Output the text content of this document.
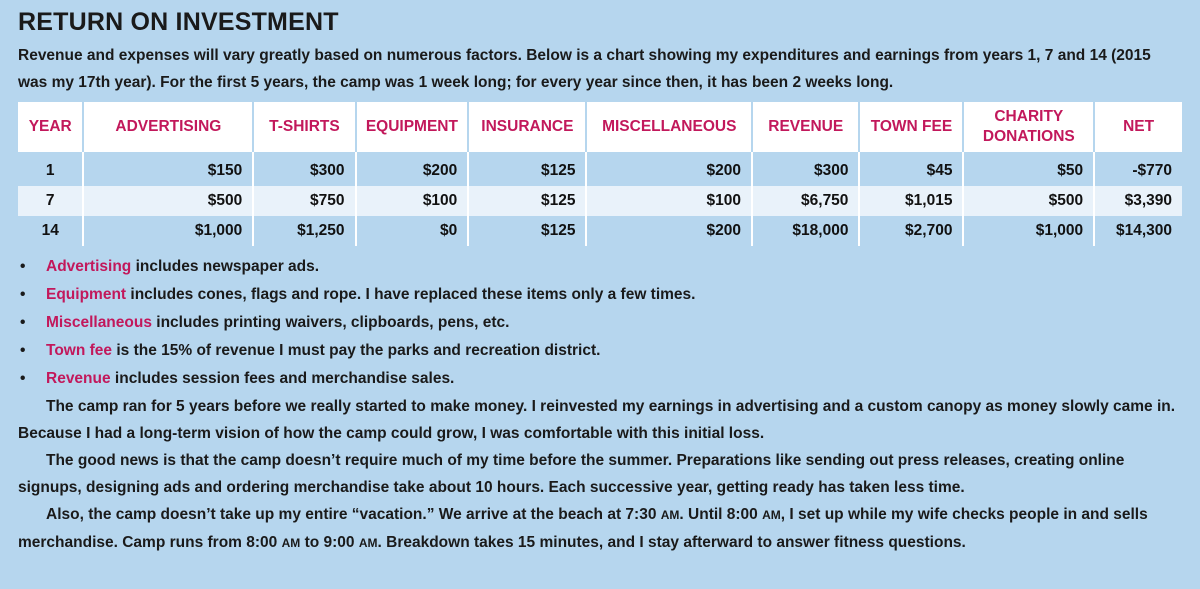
RETURN ON INVESTMENT

Revenue and expenses will vary greatly based on numerous factors. Below is a chart showing my expenditures and earnings from years 1, 7 and 14 (2015 was my 17th year). For the first 5 years, the camp was 1 week long; for every year since then, it has been 2 weeks long.

YEAR	ADVERTISING	T-SHIRTS	EQUIPMENT	INSURANCE	MISCELLANEOUS	REVENUE	TOWN FEE	CHARITY DONATIONS	NET
1	$150	$300	$200	$125	$200	$300	$45	$50	-$770
7	$500	$750	$100	$125	$100	$6,750	$1,015	$500	$3,390
14	$1,000	$1,250	$0	$125	$200	$18,000	$2,700	$1,000	$14,300
• Advertising includes newspaper ads.
• Equipment includes cones, flags and rope. I have replaced these items only a few times.
• Miscellaneous includes printing waivers, clipboards, pens, etc.
• Town fee is the 15% of revenue I must pay the parks and recreation district.
• Revenue includes session fees and merchandise sales.

The camp ran for 5 years before we really started to make money. I reinvested my earnings in advertising and a custom canopy as money slowly came in. Because I had a long-term vision of how the camp could grow, I was comfortable with this initial loss.

The good news is that the camp doesn’t require much of my time before the summer. Preparations like sending out press releases, creating online signups, designing ads and ordering merchandise take about 10 hours. Each successive year, getting ready has taken less time.

Also, the camp doesn’t take up my entire “vacation.” We arrive at the beach at 7:30 AM. Until 8:00 AM, I set up while my wife checks people in and sells merchandise. Camp runs from 8:00 AM to 9:00 AM. Breakdown takes 15 minutes, and I stay afterward to answer fitness questions.
